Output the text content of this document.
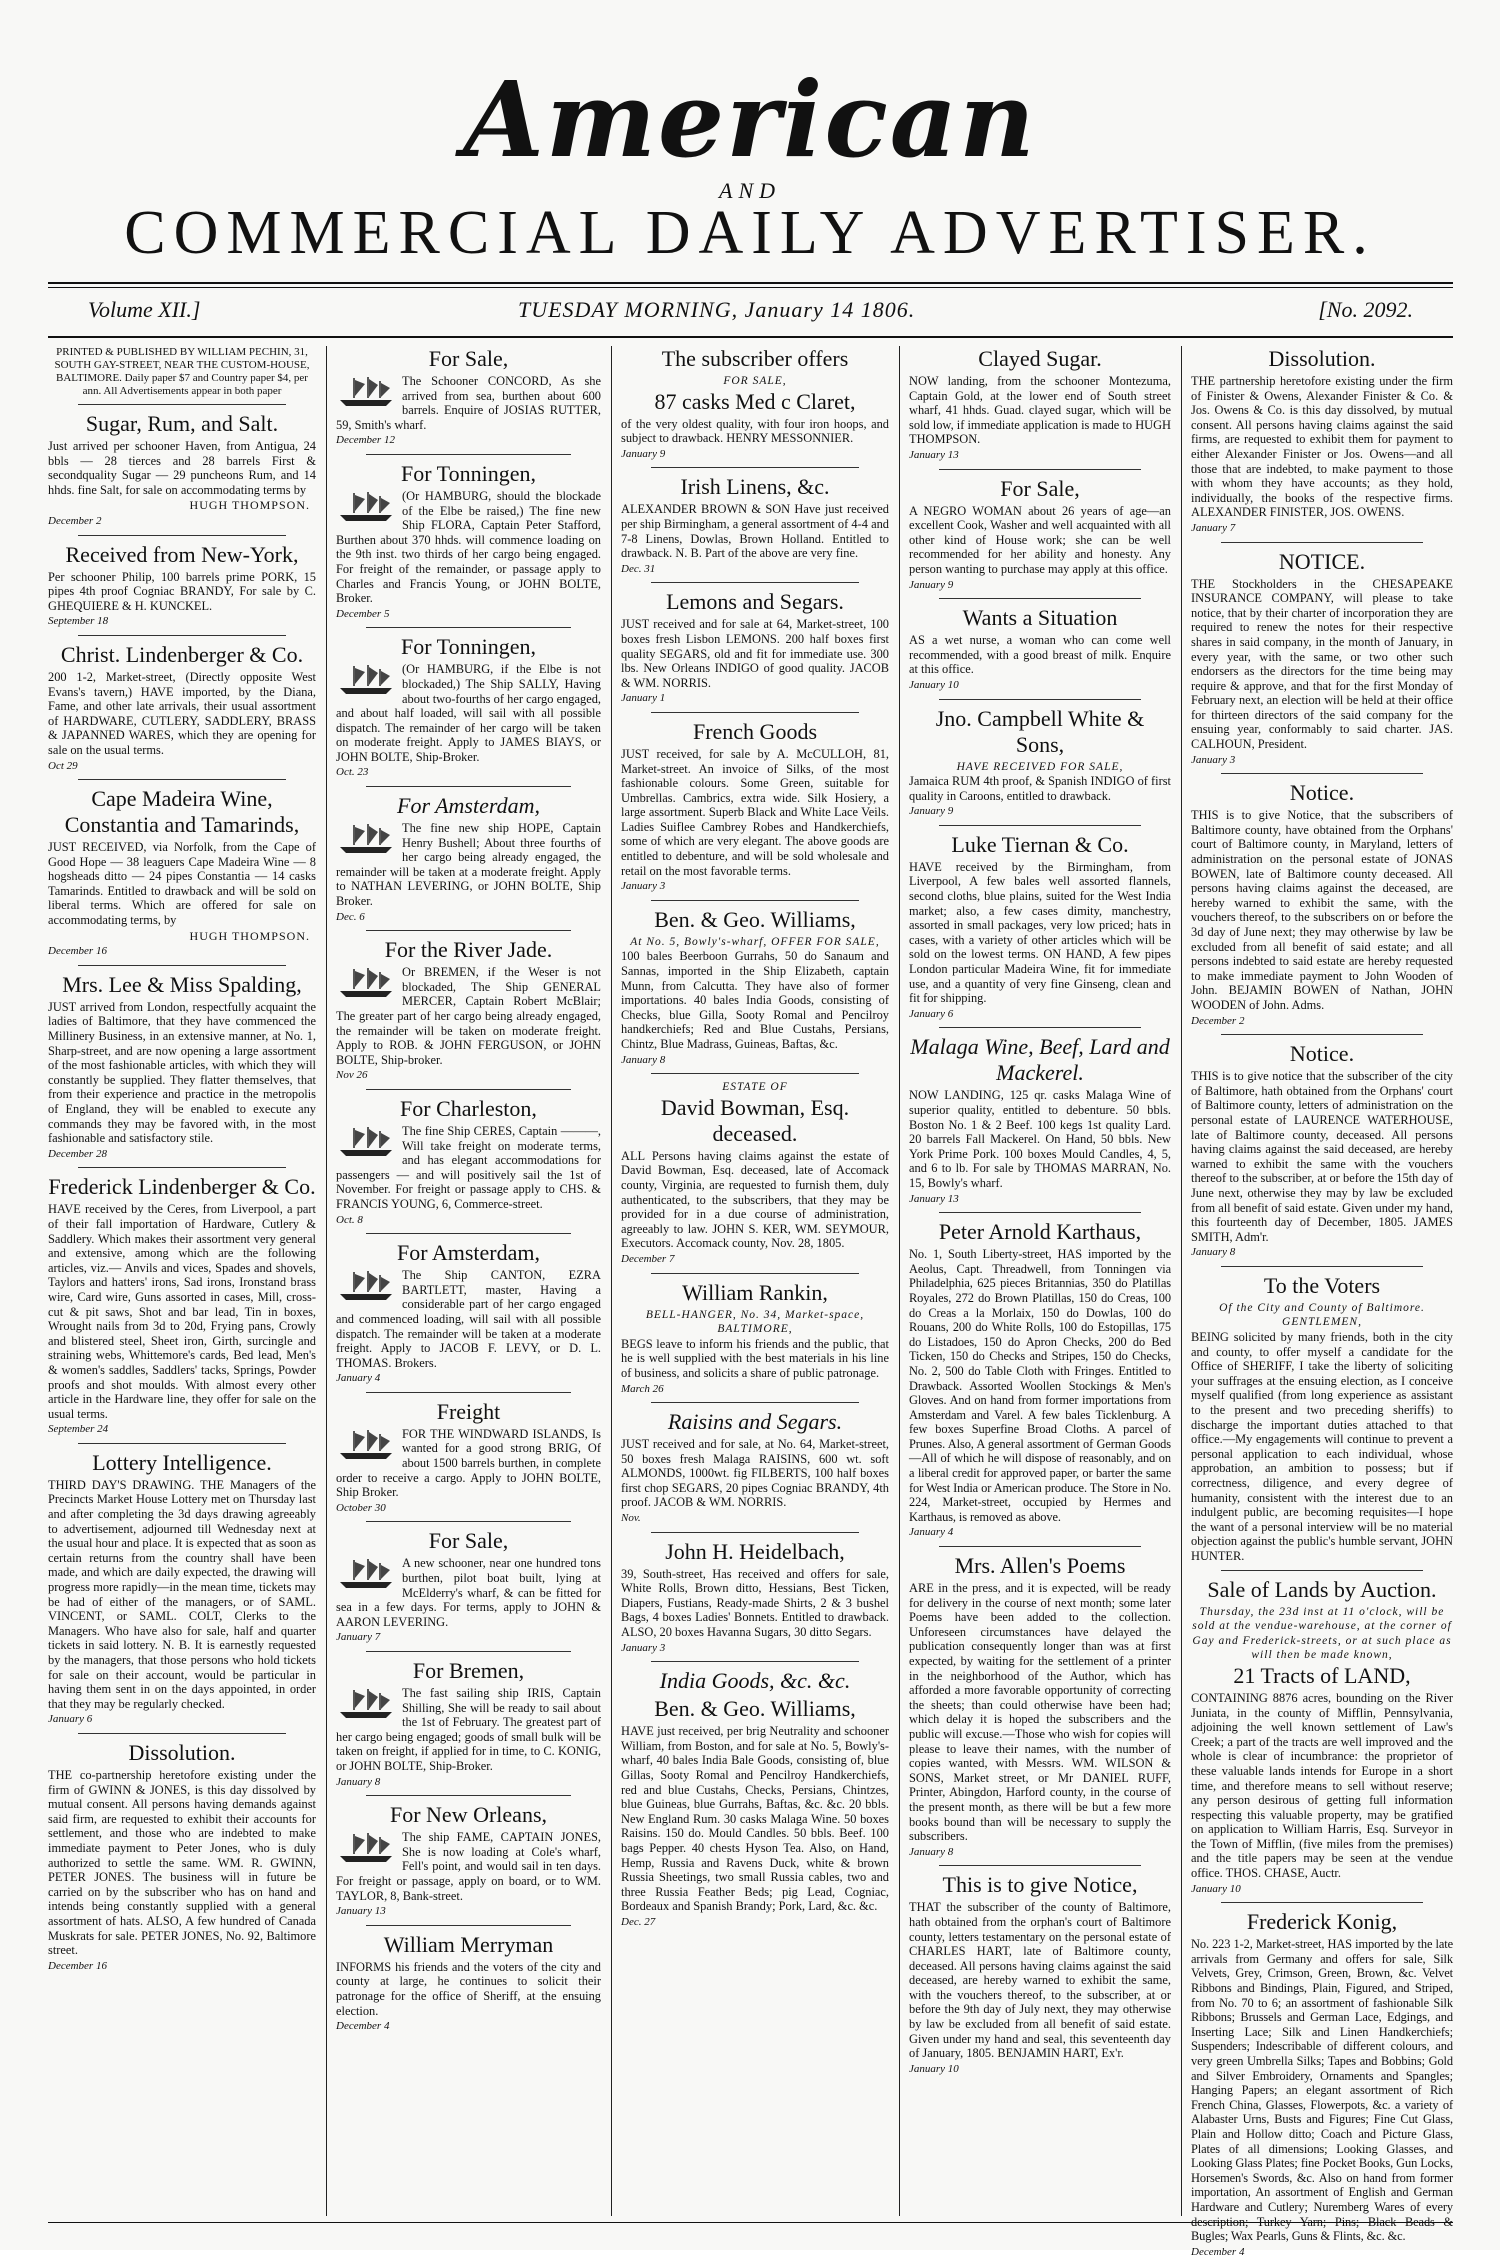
American
AND
COMMERCIAL DAILY ADVERTISER.
Volume XII.]	TUESDAY MORNING, January 14 1806.	[No. 2092.

PRINTED & PUBLISHED BY WILLIAM PECHIN, 31, SOUTH GAY-STREET, NEAR THE CUSTOM-HOUSE, BALTIMORE. Daily paper $7 and Country paper $4, per ann. All Advertisements appear in both paper

Sugar, Rum, and Salt.

Just arrived per schooner Haven, from Antigua, 24 bbls — 28 tierces and 28 barrels First & secondquality Sugar — 29 puncheons Rum, and 14 hhds. fine Salt, for sale on accommodating terms by

HUGH THOMPSON.

December 2

Received from New-York,

Per schooner Philip, 100 barrels prime PORK, 15 pipes 4th proof Cogniac BRANDY, For sale by C. GHEQUIERE & H. KUNCKEL.

September 18

Christ. Lindenberger & Co.

200 1-2, Market-street, (Directly opposite West Evans's tavern,) HAVE imported, by the Diana, Fame, and other late arrivals, their usual assortment of HARDWARE, CUTLERY, SADDLERY, BRASS & JAPANNED WARES, which they are opening for sale on the usual terms.

Oct 29

Cape Madeira Wine, Constantia and Tamarinds,

JUST RECEIVED, via Norfolk, from the Cape of Good Hope — 38 leaguers Cape Madeira Wine — 8 hogsheads ditto — 24 pipes Constantia — 14 casks Tamarinds. Entitled to drawback and will be sold on liberal terms. Which are offered for sale on accommodating terms, by

HUGH THOMPSON.

December 16

Mrs. Lee & Miss Spalding,

JUST arrived from London, respectfully acquaint the ladies of Baltimore, that they have commenced the Millinery Business, in an extensive manner, at No. 1, Sharp-street, and are now opening a large assortment of the most fashionable articles, with which they will constantly be supplied. They flatter themselves, that from their experience and practice in the metropolis of England, they will be enabled to execute any commands they may be favored with, in the most fashionable and satisfactory stile.

December 28

Frederick Lindenberger & Co.

HAVE received by the Ceres, from Liverpool, a part of their fall importation of Hardware, Cutlery & Saddlery. Which makes their assortment very general and extensive, among which are the following articles, viz.— Anvils and vices, Spades and shovels, Taylors and hatters' irons, Sad irons, Ironstand brass wire, Card wire, Guns assorted in cases, Mill, cross-cut & pit saws, Shot and bar lead, Tin in boxes, Wrought nails from 3d to 20d, Frying pans, Crowly and blistered steel, Sheet iron, Girth, surcingle and straining webs, Whittemore's cards, Bed lead, Men's & women's saddles, Saddlers' tacks, Springs, Powder proofs and shot moulds. With almost every other article in the Hardware line, they offer for sale on the usual terms.

September 24

Lottery Intelligence.

THIRD DAY'S DRAWING. THE Managers of the Precincts Market House Lottery met on Thursday last and after completing the 3d days drawing agreeably to advertisement, adjourned till Wednesday next at the usual hour and place. It is expected that as soon as certain returns from the country shall have been made, and which are daily expected, the drawing will progress more rapidly—in the mean time, tickets may be had of either of the managers, or of SAML. VINCENT, or SAML. COLT, Clerks to the Managers. Who have also for sale, half and quarter tickets in said lottery. N. B. It is earnestly requested by the managers, that those persons who hold tickets for sale on their account, would be particular in having them sent in on the days appointed, in order that they may be regularly checked.

January 6

Dissolution.

THE co-partnership heretofore existing under the firm of GWINN & JONES, is this day dissolved by mutual consent. All persons having demands against said firm, are requested to exhibit their accounts for settlement, and those who are indebted to make immediate payment to Peter Jones, who is duly authorized to settle the same. WM. R. GWINN, PETER JONES. The business will in future be carried on by the subscriber who has on hand and intends being constantly supplied with a general assortment of hats. ALSO, A few hundred of Canada Muskrats for sale. PETER JONES, No. 92, Baltimore street.

December 16

For Sale,

The Schooner CONCORD, As she arrived from sea, burthen about 600 barrels. Enquire of JOSIAS RUTTER, 59, Smith's wharf.

December 12

For Tonningen,

(Or HAMBURG, should the blockade of the Elbe be raised,) The fine new Ship FLORA, Captain Peter Stafford, Burthen about 370 hhds. will commence loading on the 9th inst. two thirds of her cargo being engaged. For freight of the remainder, or passage apply to Charles and Francis Young, or JOHN BOLTE, Broker.

December 5

For Tonningen,

(Or HAMBURG, if the Elbe is not blockaded,) The Ship SALLY, Having about two-fourths of her cargo engaged, and about half loaded, will sail with all possible dispatch. The remainder of her cargo will be taken on moderate freight. Apply to JAMES BIAYS, or JOHN BOLTE, Ship-Broker.

Oct. 23

For Amsterdam,

The fine new ship HOPE, Captain Henry Bushell; About three fourths of her cargo being already engaged, the remainder will be taken at a moderate freight. Apply to NATHAN LEVERING, or JOHN BOLTE, Ship Broker.

Dec. 6

For the River Jade.

Or BREMEN, if the Weser is not blockaded, The Ship GENERAL MERCER, Captain Robert McBlair; The greater part of her cargo being already engaged, the remainder will be taken on moderate freight. Apply to ROB. & JOHN FERGUSON, or JOHN BOLTE, Ship-broker.

Nov 26

For Charleston,

The fine Ship CERES, Captain ———, Will take freight on moderate terms, and has elegant accommodations for passengers — and will positively sail the 1st of November. For freight or passage apply to CHS. & FRANCIS YOUNG, 6, Commerce-street.

Oct. 8

For Amsterdam,

The Ship CANTON, EZRA BARTLETT, master, Having a considerable part of her cargo engaged and commenced loading, will sail with all possible dispatch. The remainder will be taken at a moderate freight. Apply to JACOB F. LEVY, or D. L. THOMAS. Brokers.

January 4

Freight

FOR THE WINDWARD ISLANDS, Is wanted for a good strong BRIG, Of about 1500 barrels burthen, in complete order to receive a cargo. Apply to JOHN BOLTE, Ship Broker.

October 30

For Sale,

A new schooner, near one hundred tons burthen, pilot boat built, lying at McElderry's wharf, & can be fitted for sea in a few days. For terms, apply to JOHN & AARON LEVERING.

January 7

For Bremen,

The fast sailing ship IRIS, Captain Shilling, She will be ready to sail about the 1st of February. The greatest part of her cargo being engaged; goods of small bulk will be taken on freight, if applied for in time, to C. KONIG, or JOHN BOLTE, Ship-Broker.

January 8

For New Orleans,

The ship FAME, CAPTAIN JONES, She is now loading at Cole's wharf, Fell's point, and would sail in ten days. For freight or passage, apply on board, or to WM. TAYLOR, 8, Bank-street.

January 13

William Merryman

INFORMS his friends and the voters of the city and county at large, he continues to solicit their patronage for the office of Sheriff, at the ensuing election.

December 4

The subscriber offers

FOR SALE,

87 casks Med c Claret,

of the very oldest quality, with four iron hoops, and subject to drawback. HENRY MESSONNIER.

January 9

Irish Linens, &c.

ALEXANDER BROWN & SON Have just received per ship Birmingham, a general assortment of 4-4 and 7-8 Linens, Dowlas, Brown Holland. Entitled to drawback. N. B. Part of the above are very fine.

Dec. 31

Lemons and Segars.

JUST received and for sale at 64, Market-street, 100 boxes fresh Lisbon LEMONS. 200 half boxes first quality SEGARS, old and fit for immediate use. 300 lbs. New Orleans INDIGO of good quality. JACOB & WM. NORRIS.

January 1

French Goods

JUST received, for sale by A. McCULLOH, 81, Market-street. An invoice of Silks, of the most fashionable colours. Some Green, suitable for Umbrellas. Cambrics, extra wide. Silk Hosiery, a large assortment. Superb Black and White Lace Veils. Ladies Suiflee Cambrey Robes and Handkerchiefs, some of which are very elegant. The above goods are entitled to debenture, and will be sold wholesale and retail on the most favorable terms.

January 3

Ben. & Geo. Williams,

At No. 5, Bowly's-wharf, OFFER FOR SALE,

100 bales Beerboon Gurrahs, 50 do Sanaum and Sannas, imported in the Ship Elizabeth, captain Munn, from Calcutta. They have also of former importations. 40 bales India Goods, consisting of Checks, blue Gilla, Sooty Romal and Pencilroy handkerchiefs; Red and Blue Custahs, Persians, Chintz, Blue Madrass, Guineas, Baftas, &c.

January 8

ESTATE OF

David Bowman, Esq. deceased.

ALL Persons having claims against the estate of David Bowman, Esq. deceased, late of Accomack county, Virginia, are requested to furnish them, duly authenticated, to the subscribers, that they may be provided for in a due course of administration, agreeably to law. JOHN S. KER, WM. SEYMOUR, Executors. Accomack county, Nov. 28, 1805.

December 7

William Rankin,

BELL-HANGER, No. 34, Market-space, BALTIMORE,

BEGS leave to inform his friends and the public, that he is well supplied with the best materials in his line of business, and solicits a share of public patronage.

March 26

Raisins and Segars.

JUST received and for sale, at No. 64, Market-street, 50 boxes fresh Malaga RAISINS, 600 wt. soft ALMONDS, 1000wt. fig FILBERTS, 100 half boxes first chop SEGARS, 20 pipes Cogniac BRANDY, 4th proof. JACOB & WM. NORRIS.

Nov.

John H. Heidelbach,

39, South-street, Has received and offers for sale, White Rolls, Brown ditto, Hessians, Best Ticken, Diapers, Fustians, Ready-made Shirts, 2 & 3 bushel Bags, 4 boxes Ladies' Bonnets. Entitled to drawback. ALSO, 20 boxes Havanna Sugars, 30 ditto Segars.

January 3

India Goods, &c. &c.
Ben. & Geo. Williams,

HAVE just received, per brig Neutrality and schooner William, from Boston, and for sale at No. 5, Bowly's-wharf, 40 bales India Bale Goods, consisting of, blue Gillas, Sooty Romal and Pencilroy Handkerchiefs, red and blue Custahs, Checks, Persians, Chintzes, blue Guineas, blue Gurrahs, Baftas, &c. &c. 20 bbls. New England Rum. 30 casks Malaga Wine. 50 boxes Raisins. 150 do. Mould Candles. 50 bbls. Beef. 100 bags Pepper. 40 chests Hyson Tea. Also, on Hand, Hemp, Russia and Ravens Duck, white & brown Russia Sheetings, two small Russia cables, two and three Russia Feather Beds; pig Lead, Cogniac, Bordeaux and Spanish Brandy; Pork, Lard, &c. &c.

Dec. 27

Clayed Sugar.

NOW landing, from the schooner Montezuma, Captain Gold, at the lower end of South street wharf, 41 hhds. Guad. clayed sugar, which will be sold low, if immediate application is made to HUGH THOMPSON.

January 13

For Sale,

A NEGRO WOMAN about 26 years of age—an excellent Cook, Washer and well acquainted with all other kind of House work; she can be well recommended for her ability and honesty. Any person wanting to purchase may apply at this office.

January 9

Wants a Situation

AS a wet nurse, a woman who can come well recommended, with a good breast of milk. Enquire at this office.

January 10

Jno. Campbell White & Sons,

HAVE RECEIVED FOR SALE,

Jamaica RUM 4th proof, & Spanish INDIGO of first quality in Caroons, entitled to drawback.

January 9

Luke Tiernan & Co.

HAVE received by the Birmingham, from Liverpool, A few bales well assorted flannels, second cloths, blue plains, suited for the West India market; also, a few cases dimity, manchestry, assorted in small packages, very low priced; hats in cases, with a variety of other articles which will be sold on the lowest terms. ON HAND, A few pipes London particular Madeira Wine, fit for immediate use, and a quantity of very fine Ginseng, clean and fit for shipping.

January 6

Malaga Wine, Beef, Lard and Mackerel.

NOW LANDING, 125 qr. casks Malaga Wine of superior quality, entitled to debenture. 50 bbls. Boston No. 1 & 2 Beef. 100 kegs 1st quality Lard. 20 barrels Fall Mackerel. On Hand, 50 bbls. New York Prime Pork. 100 boxes Mould Candles, 4, 5, and 6 to lb. For sale by THOMAS MARRAN, No. 15, Bowly's wharf.

January 13

Peter Arnold Karthaus,

No. 1, South Liberty-street, HAS imported by the Aeolus, Capt. Threadwell, from Tonningen via Philadelphia, 625 pieces Britannias, 350 do Platillas Royales, 272 do Brown Platillas, 150 do Creas, 100 do Creas a la Morlaix, 150 do Dowlas, 100 do Rouans, 200 do White Rolls, 100 do Estopillas, 175 do Listadoes, 150 do Apron Checks, 200 do Bed Ticken, 150 do Checks and Stripes, 150 do Checks, No. 2, 500 do Table Cloth with Fringes. Entitled to Drawback. Assorted Woollen Stockings & Men's Gloves. And on hand from former importations from Amsterdam and Varel. A few bales Ticklenburg. A few boxes Superfine Broad Cloths. A parcel of Prunes. Also, A general assortment of German Goods—All of which he will dispose of reasonably, and on a liberal credit for approved paper, or barter the same for West India or American produce. The Store in No. 224, Market-street, occupied by Hermes and Karthaus, is removed as above.

January 4

Mrs. Allen's Poems

ARE in the press, and it is expected, will be ready for delivery in the course of next month; some later Poems have been added to the collection. Unforeseen circumstances have delayed the publication consequently longer than was at first expected, by waiting for the settlement of a printer in the neighborhood of the Author, which has afforded a more favorable opportunity of correcting the sheets; than could otherwise have been had; which delay it is hoped the subscribers and the public will excuse.—Those who wish for copies will please to leave their names, with the number of copies wanted, with Messrs. WM. WILSON & SONS, Market street, or Mr DANIEL RUFF, Printer, Abingdon, Harford county, in the course of the present month, as there will be but a few more books bound than will be necessary to supply the subscribers.

January 8

This is to give Notice,

THAT the subscriber of the county of Baltimore, hath obtained from the orphan's court of Baltimore county, letters testamentary on the personal estate of CHARLES HART, late of Baltimore county, deceased. All persons having claims against the said deceased, are hereby warned to exhibit the same, with the vouchers thereof, to the subscriber, at or before the 9th day of July next, they may otherwise by law be excluded from all benefit of said estate. Given under my hand and seal, this seventeenth day of January, 1805. BENJAMIN HART, Ex'r.

January 10

Dissolution.

THE partnership heretofore existing under the firm of Finister & Owens, Alexander Finister & Co. & Jos. Owens & Co. is this day dissolved, by mutual consent. All persons having claims against the said firms, are requested to exhibit them for payment to either Alexander Finister or Jos. Owens—and all those that are indebted, to make payment to those with whom they have accounts; as they hold, individually, the books of the respective firms. ALEXANDER FINISTER, JOS. OWENS.

January 7

NOTICE.

THE Stockholders in the CHESAPEAKE INSURANCE COMPANY, will please to take notice, that by their charter of incorporation they are required to renew the notes for their respective shares in said company, in the month of January, in every year, with the same, or two other such endorsers as the directors for the time being may require & approve, and that for the first Monday of February next, an election will be held at their office for thirteen directors of the said company for the ensuing year, conformably to said charter. JAS. CALHOUN, President.

January 3

Notice.

THIS is to give Notice, that the subscribers of Baltimore county, have obtained from the Orphans' court of Baltimore county, in Maryland, letters of administration on the personal estate of JONAS BOWEN, late of Baltimore county deceased. All persons having claims against the deceased, are hereby warned to exhibit the same, with the vouchers thereof, to the subscribers on or before the 3d day of June next; they may otherwise by law be excluded from all benefit of said estate; and all persons indebted to said estate are hereby requested to make immediate payment to John Wooden of John. BEJAMIN BOWEN of Nathan, JOHN WOODEN of John. Adms.

December 2

Notice.

THIS is to give notice that the subscriber of the city of Baltimore, hath obtained from the Orphans' court of Baltimore county, letters of administration on the personal estate of LAURENCE WATERHOUSE, late of Baltimore county, deceased. All persons having claims against the said deceased, are hereby warned to exhibit the same with the vouchers thereof to the subscriber, at or before the 15th day of June next, otherwise they may by law be excluded from all benefit of said estate. Given under my hand, this fourteenth day of December, 1805. JAMES SMITH, Adm'r.

January 8

To the Voters

Of the City and County of Baltimore. GENTLEMEN,

BEING solicited by many friends, both in the city and county, to offer myself a candidate for the Office of SHERIFF, I take the liberty of soliciting your suffrages at the ensuing election, as I conceive myself qualified (from long experience as assistant to the present and two preceding sheriffs) to discharge the important duties attached to that office.—My engagements will continue to prevent a personal application to each individual, whose approbation, an ambition to possess; but if correctness, diligence, and every degree of humanity, consistent with the interest due to an indulgent public, are becoming requisites—I hope the want of a personal interview will be no material objection against the public's humble servant, JOHN HUNTER.

Sale of Lands by Auction.

Thursday, the 23d inst at 11 o'clock, will be sold at the vendue-warehouse, at the corner of Gay and Frederick-streets, or at such place as will then be made known,

21 Tracts of LAND,

CONTAINING 8876 acres, bounding on the River Juniata, in the county of Mifflin, Pennsylvania, adjoining the well known settlement of Law's Creek; a part of the tracts are well improved and the whole is clear of incumbrance: the proprietor of these valuable lands intends for Europe in a short time, and therefore means to sell without reserve; any person desirous of getting full information respecting this valuable property, may be gratified on application to William Harris, Esq. Surveyor in the Town of Mifflin, (five miles from the premises) and the title papers may be seen at the vendue office. THOS. CHASE, Auctr.

January 10

Frederick Konig,

No. 223 1-2, Market-street, HAS imported by the late arrivals from Germany and offers for sale, Silk Velvets, Grey, Crimson, Green, Brown, &c. Velvet Ribbons and Bindings, Plain, Figured, and Striped, from No. 70 to 6; an assortment of fashionable Silk Ribbons; Brussels and German Lace, Edgings, and Inserting Lace; Silk and Linen Handkerchiefs; Suspenders; Indescribable of different colours, and very green Umbrella Silks; Tapes and Bobbins; Gold and Silver Embroidery, Ornaments and Spangles; Hanging Papers; an elegant assortment of Rich French China, Glasses, Flowerpots, &c. a variety of Alabaster Urns, Busts and Figures; Fine Cut Glass, Plain and Hollow ditto; Coach and Picture Glass, Plates of all dimensions; Looking Glasses, and Looking Glass Plates; fine Pocket Books, Gun Locks, Horsemen's Swords, &c. Also on hand from former importation, An assortment of English and German Hardware and Cutlery; Nuremberg Wares of every description; Turkey Yarn; Pins; Black Beads & Bugles; Wax Pearls, Guns & Flints, &c. &c.

December 4
